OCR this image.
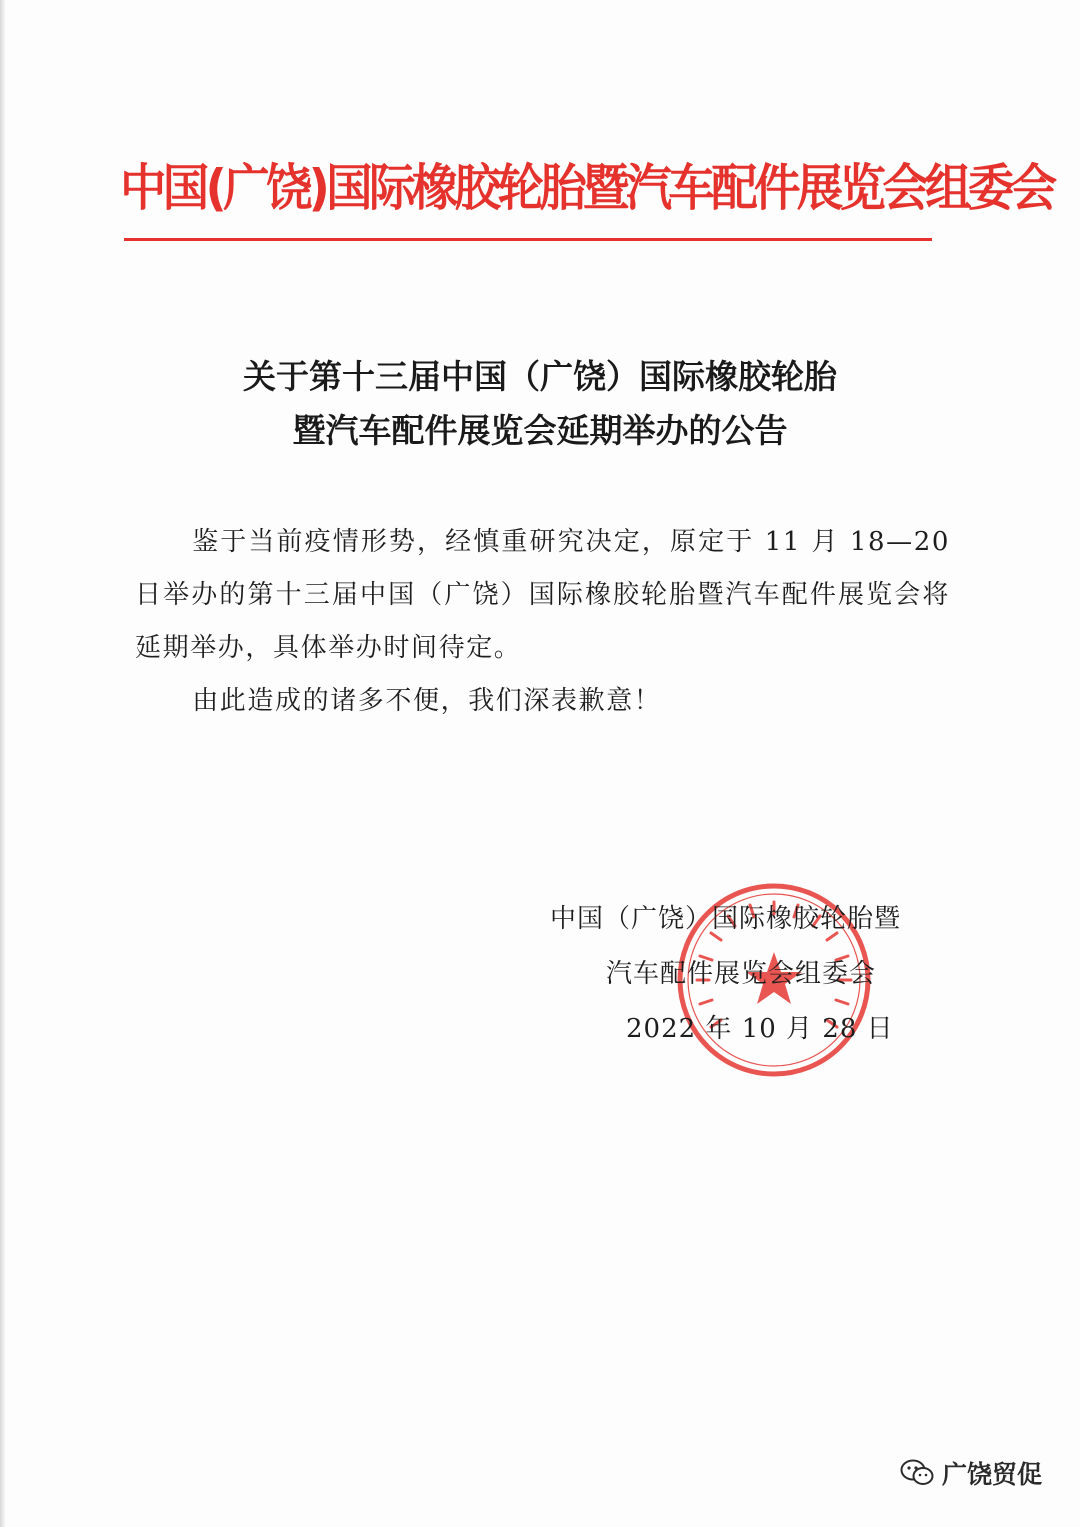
中国(广饶)国际橡胶轮胎暨汽车配件展览会组委会
关于第十三届中国（广饶）国际橡胶轮胎
暨汽车配件展览会延期举办的公告

鉴于当前疫情形势，经慎重研究决定，原定于 11 月 18—20 日举办的第十三届中国（广饶）国际橡胶轮胎暨汽车配件展览会将延期举办，具体举办时间待定。

由此造成的诸多不便，我们深表歉意！

中国（广饶）国际橡胶轮胎暨
汽车配件展览会组委会
2022 年 10 月 28 日
广饶贸促
